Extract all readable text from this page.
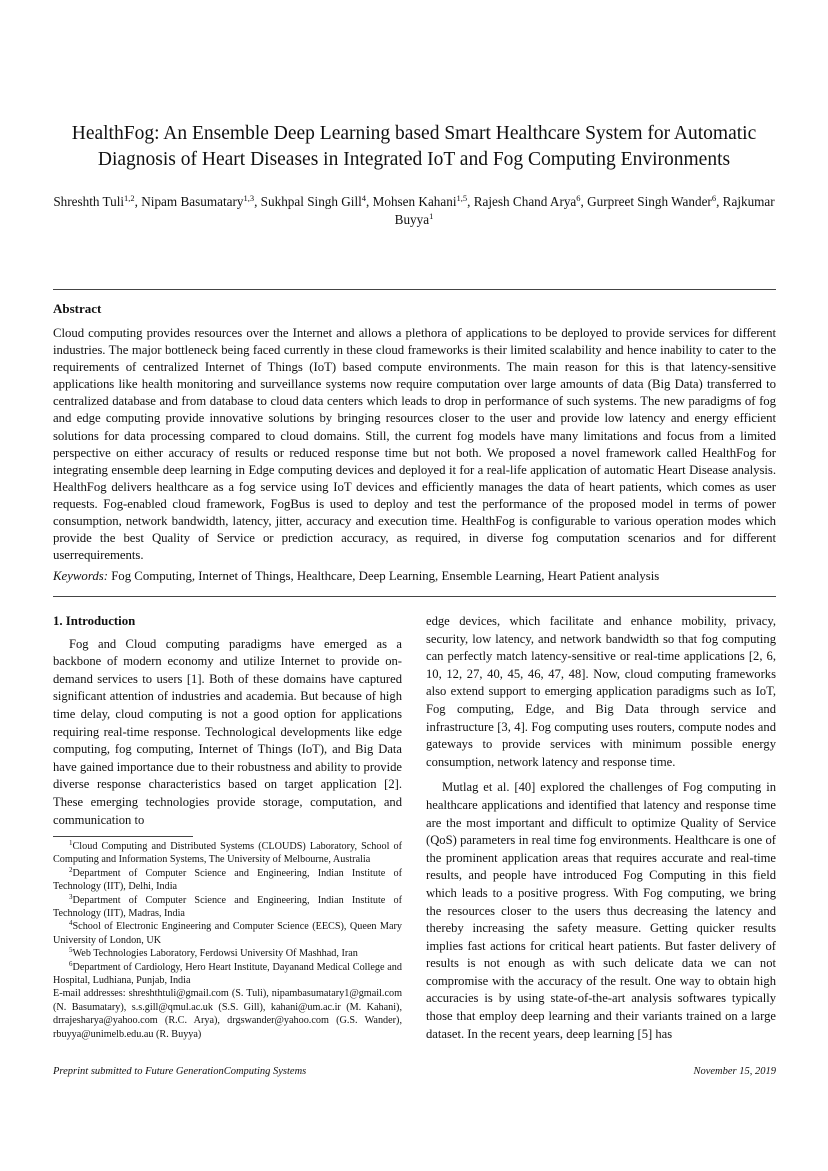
HealthFog: An Ensemble Deep Learning based Smart Healthcare System for Automatic
Diagnosis of Heart Diseases in Integrated IoT and Fog Computing Environments
Shreshth Tuli$^{1,2}$, Nipam Basumatary$^{1,3}$, Sukhpal Singh Gill$^4$, Mohsen Kahani$^{1,5}$, Rajesh Chand Arya$^6$, Gurpreet Singh Wander$^6$, Rajkumar Buyya$^1$
Abstract
Cloud computing provides resources over the Internet and allows a plethora of applications to be deployed to provide services for different industries. The major bottleneck being faced currently in these cloud frameworks is their limited scalability and hence inability to cater to the requirements of centralized Internet of Things (IoT) based compute environments. The main reason for this is that latency-sensitive applications like health monitoring and surveillance systems now require computation over large amounts of data (Big Data) transferred to centralized database and from database to cloud data centers which leads to drop in performance of such systems. The new paradigms of fog and edge computing provide innovative solutions by bringing resources closer to the user and provide low latency and energy efficient solutions for data processing compared to cloud domains. Still, the current fog models have many limitations and focus from a limited perspective on either accuracy of results or reduced response time but not both. We proposed a novel framework called HealthFog for integrating ensemble deep learning in Edge computing devices and deployed it for a real-life application of automatic Heart Disease analysis. HealthFog delivers healthcare as a fog service using IoT devices and efficiently manages the data of heart patients, which comes as user requests. Fog-enabled cloud framework, FogBus is used to deploy and test the performance of the proposed model in terms of power consumption, network bandwidth, latency, jitter, accuracy and execution time. HealthFog is configurable to various operation modes which provide the best Quality of Service or prediction accuracy, as required, in diverse fog computation scenarios and for different userrequirements.
Keywords: Fog Computing, Internet of Things, Healthcare, Deep Learning, Ensemble Learning, Heart Patient analysis
1. Introduction

Fog and Cloud computing paradigms have emerged as a backbone of modern economy and utilize Internet to provide on-demand services to users [1]. Both of these domains have captured significant attention of industries and academia. But because of high time delay, cloud computing is not a good option for applications requiring real-time response. Technological developments like edge computing, fog computing, Internet of Things (IoT), and Big Data have gained importance due to their robustness and ability to provide diverse response characteristics based on target application [2]. These emerging technologies provide storage, computation, and communication to

$^1$Cloud Computing and Distributed Systems (CLOUDS) Laboratory, School of Computing and Information Systems, The University of Melbourne, Australia

$^2$Department of Computer Science and Engineering, Indian Institute of Technology (IIT), Delhi, India

$^3$Department of Computer Science and Engineering, Indian Institute of Technology (IIT), Madras, India

$^4$School of Electronic Engineering and Computer Science (EECS), Queen Mary University of London, UK

$^5$Web Technologies Laboratory, Ferdowsi University Of Mashhad, Iran

$^6$Department of Cardiology, Hero Heart Institute, Dayanand Medical College and Hospital, Ludhiana, Punjab, India

E-mail addresses: shreshthtuli@gmail.com (S. Tuli), nipambasumatary1@gmail.com (N. Basumatary), s.s.gill@qmul.ac.uk (S.S. Gill), kahani@um.ac.ir (M. Kahani), drrajesharya@yahoo.com (R.C. Arya), drgswander@yahoo.com (G.S. Wander), rbuyya@unimelb.edu.au (R. Buyya)

edge devices, which facilitate and enhance mobility, privacy, security, low latency, and network bandwidth so that fog computing can perfectly match latency-sensitive or real-time applications [2, 6, 10, 12, 27, 40, 45, 46, 47, 48]. Now, cloud computing frameworks also extend support to emerging application paradigms such as IoT, Fog computing, Edge, and Big Data through service and infrastructure [3, 4]. Fog computing uses routers, compute nodes and gateways to provide services with minimum possible energy consumption, network latency and response time.

Mutlag et al. [40] explored the challenges of Fog computing in healthcare applications and identified that latency and response time are the most important and difficult to optimize Quality of Service (QoS) parameters in real time fog environments. Healthcare is one of the prominent application areas that requires accurate and real-time results, and people have introduced Fog Computing in this field which leads to a positive progress. With Fog computing, we bring the resources closer to the users thus decreasing the latency and thereby increasing the safety measure. Getting quicker results implies fast actions for critical heart patients. But faster delivery of results is not enough as with such delicate data we can not compromise with the accuracy of the result. One way to obtain high accuracies is by using state-of-the-art analysis softwares typically those that employ deep learning and their variants trained on a large dataset. In the recent years, deep learning [5] has

Preprint submitted to Future GenerationComputing Systems	November 15, 2019
